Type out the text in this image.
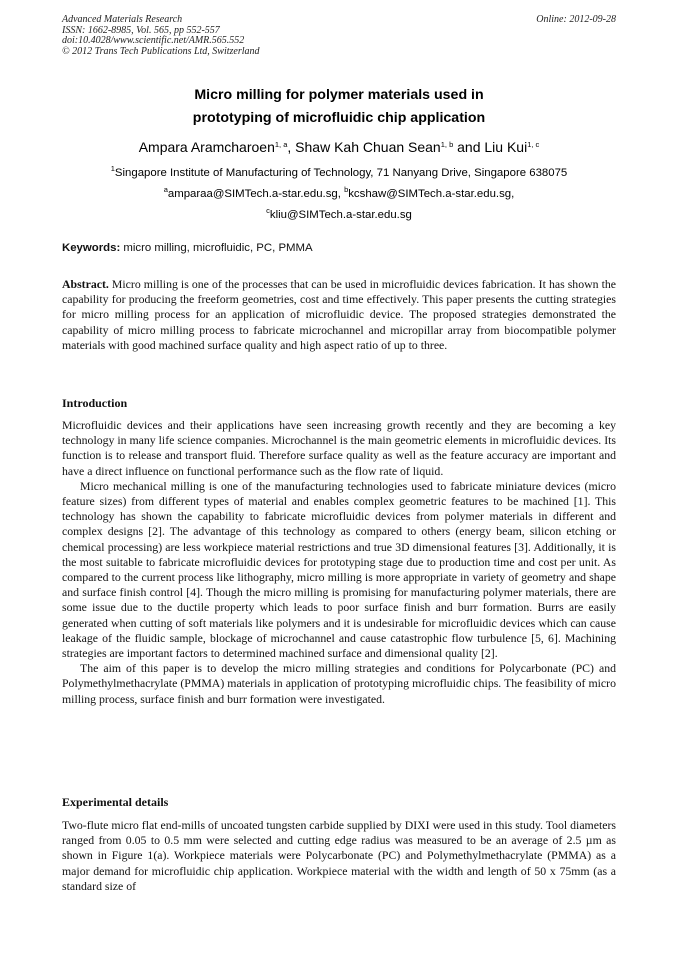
Advanced Materials Research
ISSN: 1662-8985, Vol. 565, pp 552-557
doi:10.4028/www.scientific.net/AMR.565.552
© 2012 Trans Tech Publications Ltd, Switzerland
Online: 2012-09-28
Micro milling for polymer materials used in
prototyping of microfluidic chip application
Ampara Aramcharoen$^{1, a}$, Shaw Kah Chuan Sean$^{1, b}$ and Liu Kui$^{1, c}$
$^1$Singapore Institute of Manufacturing of Technology, 71 Nanyang Drive, Singapore 638075
$^a$amparaa@SIMTech.a-star.edu.sg, $^b$kcshaw@SIMTech.a-star.edu.sg,
$^c$kliu@SIMTech.a-star.edu.sg
Keywords: micro milling, microfluidic, PC, PMMA

Abstract. Micro milling is one of the processes that can be used in microfluidic devices fabrication. It has shown the capability for producing the freeform geometries, cost and time effectively. This paper presents the cutting strategies for micro milling process for an application of microfluidic device. The proposed strategies demonstrated the capability of micro milling process to fabricate microchannel and micropillar array from biocompatible polymer materials with good machined surface quality and high aspect ratio of up to three.

Introduction

Microfluidic devices and their applications have seen increasing growth recently and they are becoming a key technology in many life science companies. Microchannel is the main geometric elements in microfluidic devices. Its function is to release and transport fluid. Therefore surface quality as well as the feature accuracy are important and have a direct influence on functional performance such as the flow rate of liquid.

Micro mechanical milling is one of the manufacturing technologies used to fabricate miniature devices (micro feature sizes) from different types of material and enables complex geometric features to be machined [1]. This technology has shown the capability to fabricate microfluidic devices from polymer materials in different and complex designs [2]. The advantage of this technology as compared to others (energy beam, silicon etching or chemical processing) are less workpiece material restrictions and true 3D dimensional features [3]. Additionally, it is the most suitable to fabricate microfluidic devices for prototyping stage due to production time and cost per unit. As compared to the current process like lithography, micro milling is more appropriate in variety of geometry and shape and surface finish control [4]. Though the micro milling is promising for manufacturing polymer materials, there are some issue due to the ductile property which leads to poor surface finish and burr formation. Burrs are easily generated when cutting of soft materials like polymers and it is undesirable for microfluidic devices which can cause leakage of the fluidic sample, blockage of microchannel and cause catastrophic flow turbulence [5, 6]. Machining strategies are important factors to determined machined surface and dimensional quality [2].

The aim of this paper is to develop the micro milling strategies and conditions for Polycarbonate (PC) and Polymethylmethacrylate (PMMA) materials in application of prototyping microfluidic chips. The feasibility of micro milling process, surface finish and burr formation were investigated.

Experimental details

Two-flute micro flat end-mills of uncoated tungsten carbide supplied by DIXI were used in this study. Tool diameters ranged from 0.05 to 0.5 mm were selected and cutting edge radius was measured to be an average of 2.5 µm as shown in Figure 1(a). Workpiece materials were Polycarbonate (PC) and Polymethylmethacrylate (PMMA) as a major demand for microfluidic chip application. Workpiece material with the width and length of 50 x 75mm (as a standard size of
